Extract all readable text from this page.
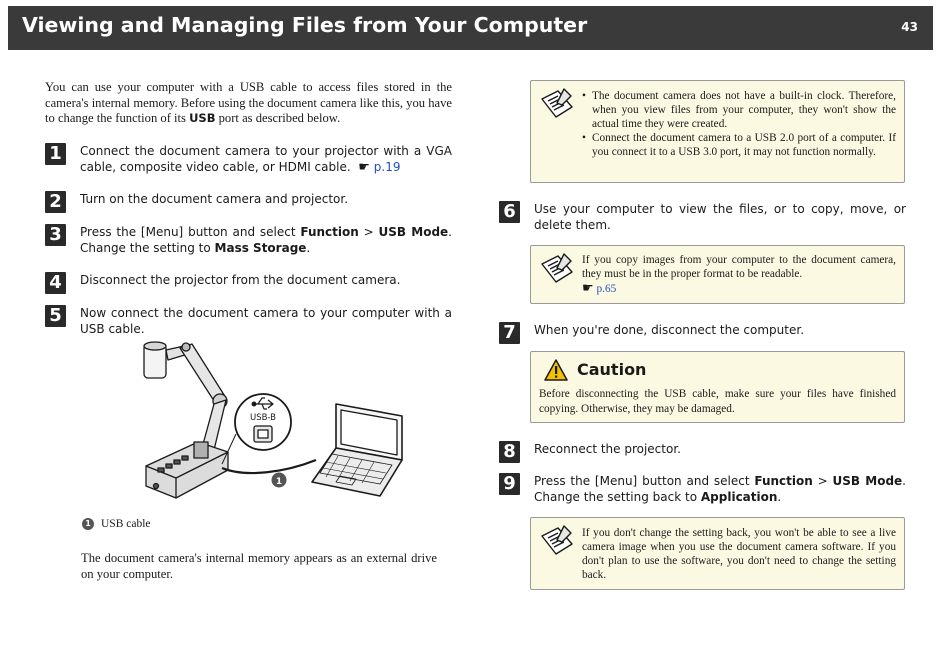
Viewing and Managing Files from Your Computer	43

You can use your computer with a USB cable to access files stored in the camera's internal memory. Before using the document camera like this, you have to change the function of its USB port as described below.

1	Connect the document camera to your projector with a VGA cable, composite video cable, or HDMI cable. ☛ p.19
2	Turn on the document camera and projector.
3	Press the [Menu] button and select Function > USB Mode. Change the setting to Mass Storage.
4	Disconnect the projector from the document camera.
5	Now connect the document camera to your computer with a USB cable.
USB-B
1
1 USB cable

The document camera's internal memory appears as an external drive on your computer.

• The document camera does not have a built-in clock. Therefore, when you view files from your computer, they won't show the actual time they were created.
• Connect the document camera to a USB 2.0 port of a computer. If you connect it to a USB 3.0 port, it may not function normally.
6	Use your computer to view the files, or to copy, move, or delete them.
If you copy images from your computer to the document camera, they must be in the proper format to be readable.
☛ p.65
7	When you're done, disconnect the computer.
Caution
Before disconnecting the USB cable, make sure your files have finished copying. Otherwise, they may be damaged.
8	Reconnect the projector.
9	Press the [Menu] button and select Function > USB Mode. Change the setting back to Application.
If you don't change the setting back, you won't be able to see a live camera image when you use the document camera software. If you don't plan to use the software, you don't need to change the setting back.
